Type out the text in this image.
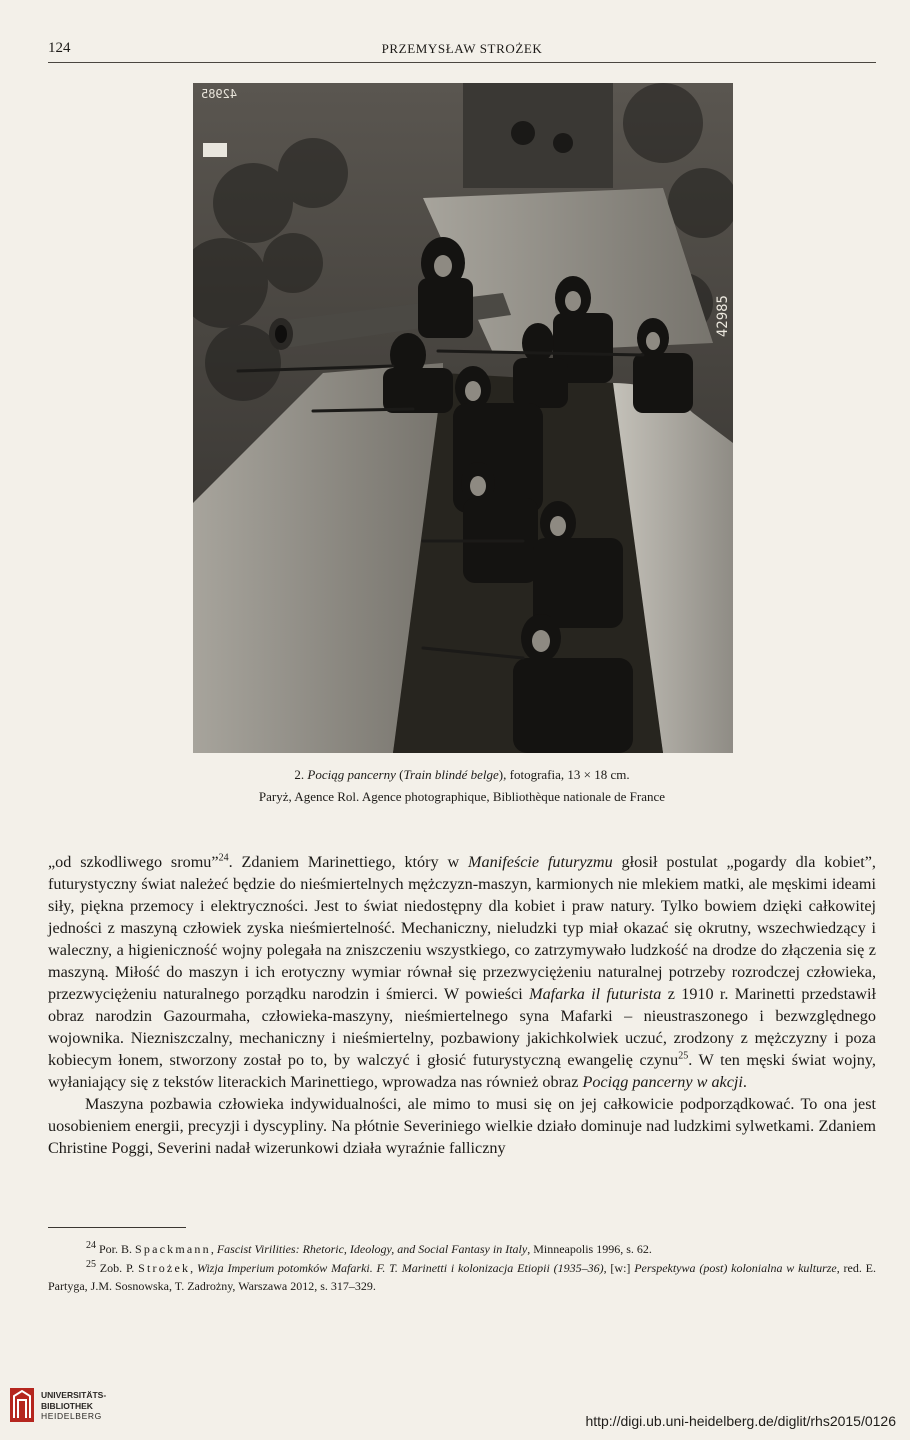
124	PRZEMYSŁAW STROŻEK
42985
42985
2. Pociąg pancerny (Train blindé belge), fotografia, 13 × 18 cm.
Paryż, Agence Rol. Agence photographique, Bibliothèque nationale de France

„od szkodliwego sromu”$^{24}$. Zdaniem Marinettiego, który w Manifeście futuryzmu głosił postulat „pogardy dla kobiet”, futurystyczny świat należeć będzie do nieśmiertelnych mężczyzn-maszyn, karmionych nie mlekiem matki, ale męskimi ideami siły, piękna przemocy i elektryczności. Jest to świat niedostępny dla kobiet i praw natury. Tylko bowiem dzięki całkowitej jedności z maszyną człowiek zyska nieśmiertelność. Mechaniczny, nieludzki typ miał okazać się okrutny, wszechwiedzący i waleczny, a higieniczność wojny polegała na zniszczeniu wszystkiego, co zatrzymywało ludzkość na drodze do złączenia się z maszyną. Miłość do maszyn i ich erotyczny wymiar równał się przezwyciężeniu naturalnej potrzeby rozrodczej człowieka, przezwyciężeniu naturalnego porządku narodzin i śmierci. W powieści Mafarka il futurista z 1910 r. Marinetti przedstawił obraz narodzin Gazourmaha, człowieka-maszyny, nieśmiertelnego syna Mafarki – nieustraszonego i bezwzględnego wojownika. Niezniszczalny, mechaniczny i nieśmiertelny, pozbawiony jakichkolwiek uczuć, zrodzony z mężczyzny i poza kobiecym łonem, stworzony został po to, by walczyć i głosić futurystyczną ewangelię czynu$^{25}$. W ten męski świat wojny, wyłaniający się z tekstów literackich Marinettiego, wprowadza nas również obraz Pociąg pancerny w akcji.

Maszyna pozbawia człowieka indywidualności, ale mimo to musi się on jej całkowicie podporządkować. To ona jest uosobieniem energii, precyzji i dyscypliny. Na płótnie Severiniego wielkie działo dominuje nad ludzkimi sylwetkami. Zdaniem Christine Poggi, Severini nadał wizerunkowi działa wyraźnie falliczny

$^{24}$ Por. B. Spackmann, Fascist Virilities: Rhetoric, Ideology, and Social Fantasy in Italy, Minneapolis 1996, s. 62.

$^{25}$ Zob. P. Strożek, Wizja Imperium potomków Mafarki. F. T. Marinetti i kolonizacja Etiopii (1935–36), [w:] Perspektywa (post) kolonialna w kulturze, red. E. Partyga, J.M. Sosnowska, T. Zadrożny, Warszawa 2012, s. 317–329.

UNIVERSITÄTS-
BIBLIOTHEK
HEIDELBERG	http://digi.ub.uni-heidelberg.de/diglit/rhs2015/0126
